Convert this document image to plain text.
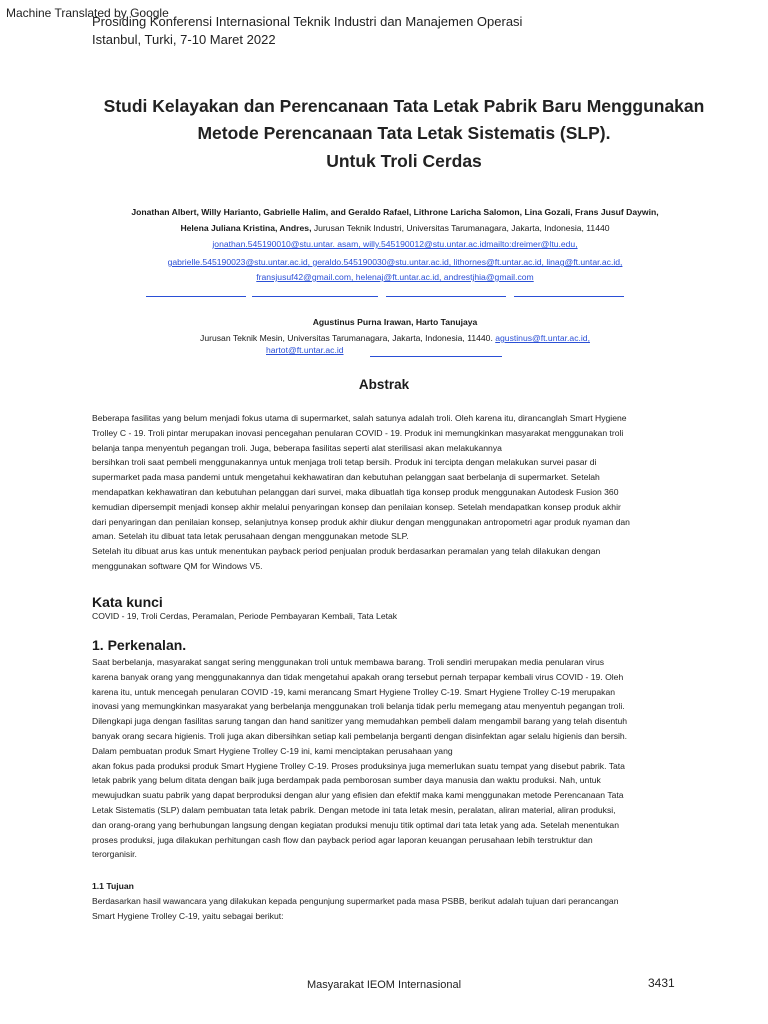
Machine Translated by Google
Prosiding Konferensi Internasional Teknik Industri dan Manajemen Operasi
Istanbul, Turki, 7-10 Maret 2022
Studi Kelayakan dan Perencanaan Tata Letak Pabrik Baru Menggunakan
Metode Perencanaan Tata Letak Sistematis (SLP).
Untuk Troli Cerdas
Jonathan Albert, Willy Harianto, Gabrielle Halim, and Geraldo Rafael, Lithrone Laricha Salomon, Lina Gozali, Frans Jusuf Daywin,
Helena Juliana Kristina, Andres, Jurusan Teknik Industri, Universitas Tarumanagara, Jakarta, Indonesia, 11440
jonathan.545190010@stu.untar. asam, willy.545190012@stu.untar.ac.idmailto:dreimer@ltu.edu,
gabrielle.545190023@stu.untar.ac.id, geraldo.545190030@stu.untar.ac.id, lithornes@ft.untar.ac.id, linag@ft.untar.ac.id,
fransjusuf42@gmail.com, helenaj@ft.untar.ac.id, andrestjhia@gmail.com
Agustinus Purna Irawan, Harto Tanujaya
Jurusan Teknik Mesin, Universitas Tarumanagara, Jakarta, Indonesia, 11440. agustinus@ft.untar.ac.id,
hartot@ft.untar.ac.id
Abstrak

Beberapa fasilitas yang belum menjadi fokus utama di supermarket, salah satunya adalah troli. Oleh karena itu, dirancanglah Smart Hygiene

Trolley C - 19. Troli pintar merupakan inovasi pencegahan penularan COVID - 19. Produk ini memungkinkan masyarakat menggunakan troli

belanja tanpa menyentuh pegangan troli. Juga, beberapa fasilitas seperti alat sterilisasi akan melakukannya

bersihkan troli saat pembeli menggunakannya untuk menjaga troli tetap bersih. Produk ini tercipta dengan melakukan survei pasar di

supermarket pada masa pandemi untuk mengetahui kekhawatiran dan kebutuhan pelanggan saat berbelanja di supermarket. Setelah

mendapatkan kekhawatiran dan kebutuhan pelanggan dari survei, maka dibuatlah tiga konsep produk menggunakan Autodesk Fusion 360

kemudian dipersempit menjadi konsep akhir melalui penyaringan konsep dan penilaian konsep. Setelah mendapatkan konsep produk akhir

dari penyaringan dan penilaian konsep, selanjutnya konsep produk akhir diukur dengan menggunakan antropometri agar produk nyaman dan

aman. Setelah itu dibuat tata letak perusahaan dengan menggunakan metode SLP.

Setelah itu dibuat arus kas untuk menentukan payback period penjualan produk berdasarkan peramalan yang telah dilakukan dengan

menggunakan software QM for Windows V5.

Kata kunci
COVID - 19, Troli Cerdas, Peramalan, Periode Pembayaran Kembali, Tata Letak
1. Perkenalan.

Saat berbelanja, masyarakat sangat sering menggunakan troli untuk membawa barang. Troli sendiri merupakan media penularan virus

karena banyak orang yang menggunakannya dan tidak mengetahui apakah orang tersebut pernah terpapar kembali virus COVID - 19. Oleh

karena itu, untuk mencegah penularan COVID -19, kami merancang Smart Hygiene Trolley C-19. Smart Hygiene Trolley C-19 merupakan

inovasi yang memungkinkan masyarakat yang berbelanja menggunakan troli belanja tidak perlu memegang atau menyentuh pegangan troli.

Dilengkapi juga dengan fasilitas sarung tangan dan hand sanitizer yang memudahkan pembeli dalam mengambil barang yang telah disentuh

banyak orang secara higienis. Troli juga akan dibersihkan setiap kali pembelanja berganti dengan disinfektan agar selalu higienis dan bersih.

Dalam pembuatan produk Smart Hygiene Trolley C-19 ini, kami menciptakan perusahaan yang

akan fokus pada produksi produk Smart Hygiene Trolley C-19. Proses produksinya juga memerlukan suatu tempat yang disebut pabrik. Tata

letak pabrik yang belum ditata dengan baik juga berdampak pada pemborosan sumber daya manusia dan waktu produksi. Nah, untuk

mewujudkan suatu pabrik yang dapat berproduksi dengan alur yang efisien dan efektif maka kami menggunakan metode Perencanaan Tata

Letak Sistematis (SLP) dalam pembuatan tata letak pabrik. Dengan metode ini tata letak mesin, peralatan, aliran material, aliran produksi,

dan orang-orang yang berhubungan langsung dengan kegiatan produksi menuju titik optimal dari tata letak yang ada. Setelah menentukan

proses produksi, juga dilakukan perhitungan cash flow dan payback period agar laporan keuangan perusahaan lebih terstruktur dan

terorganisir.

1.1 Tujuan

Berdasarkan hasil wawancara yang dilakukan kepada pengunjung supermarket pada masa PSBB, berikut adalah tujuan dari perancangan

Smart Hygiene Trolley C-19, yaitu sebagai berikut:

Masyarakat IEOM Internasional	3431
